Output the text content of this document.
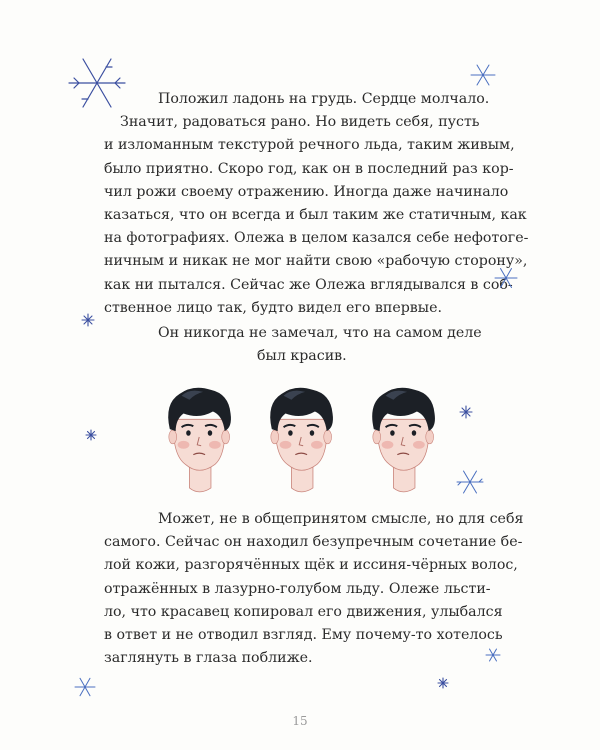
Положил ладонь на грудь. Сердце молчало.
Значит, радоваться рано. Но видеть себя, пусть
и изломанным текстурой речного льда, таким живым,
было приятно. Скоро год, как он в последний раз кор-
чил рожи своему отражению. Иногда даже начинало
казаться, что он всегда и был таким же статичным, как
на фотографиях. Олежа в целом казался себе нефотоге-
ничным и никак не мог найти свою «рабочую сторону»,
как ни пытался. Сейчас же Олежа вглядывался в соб-
ственное лицо так, будто видел его впервые.
Он никогда не замечал, что на самом деле
был красив.
Может, не в общепринятом смысле, но для себя
самого. Сейчас он находил безупречным сочетание бе-
лой кожи, разгорячённых щёк и иссиня-чёрных волос,
отражённых в лазурно-голубом льду. Олеже льсти-
ло, что красавец копировал его движения, улыбался
в ответ и не отводил взгляд. Ему почему-то хотелось
заглянуть в глаза поближе.
15
